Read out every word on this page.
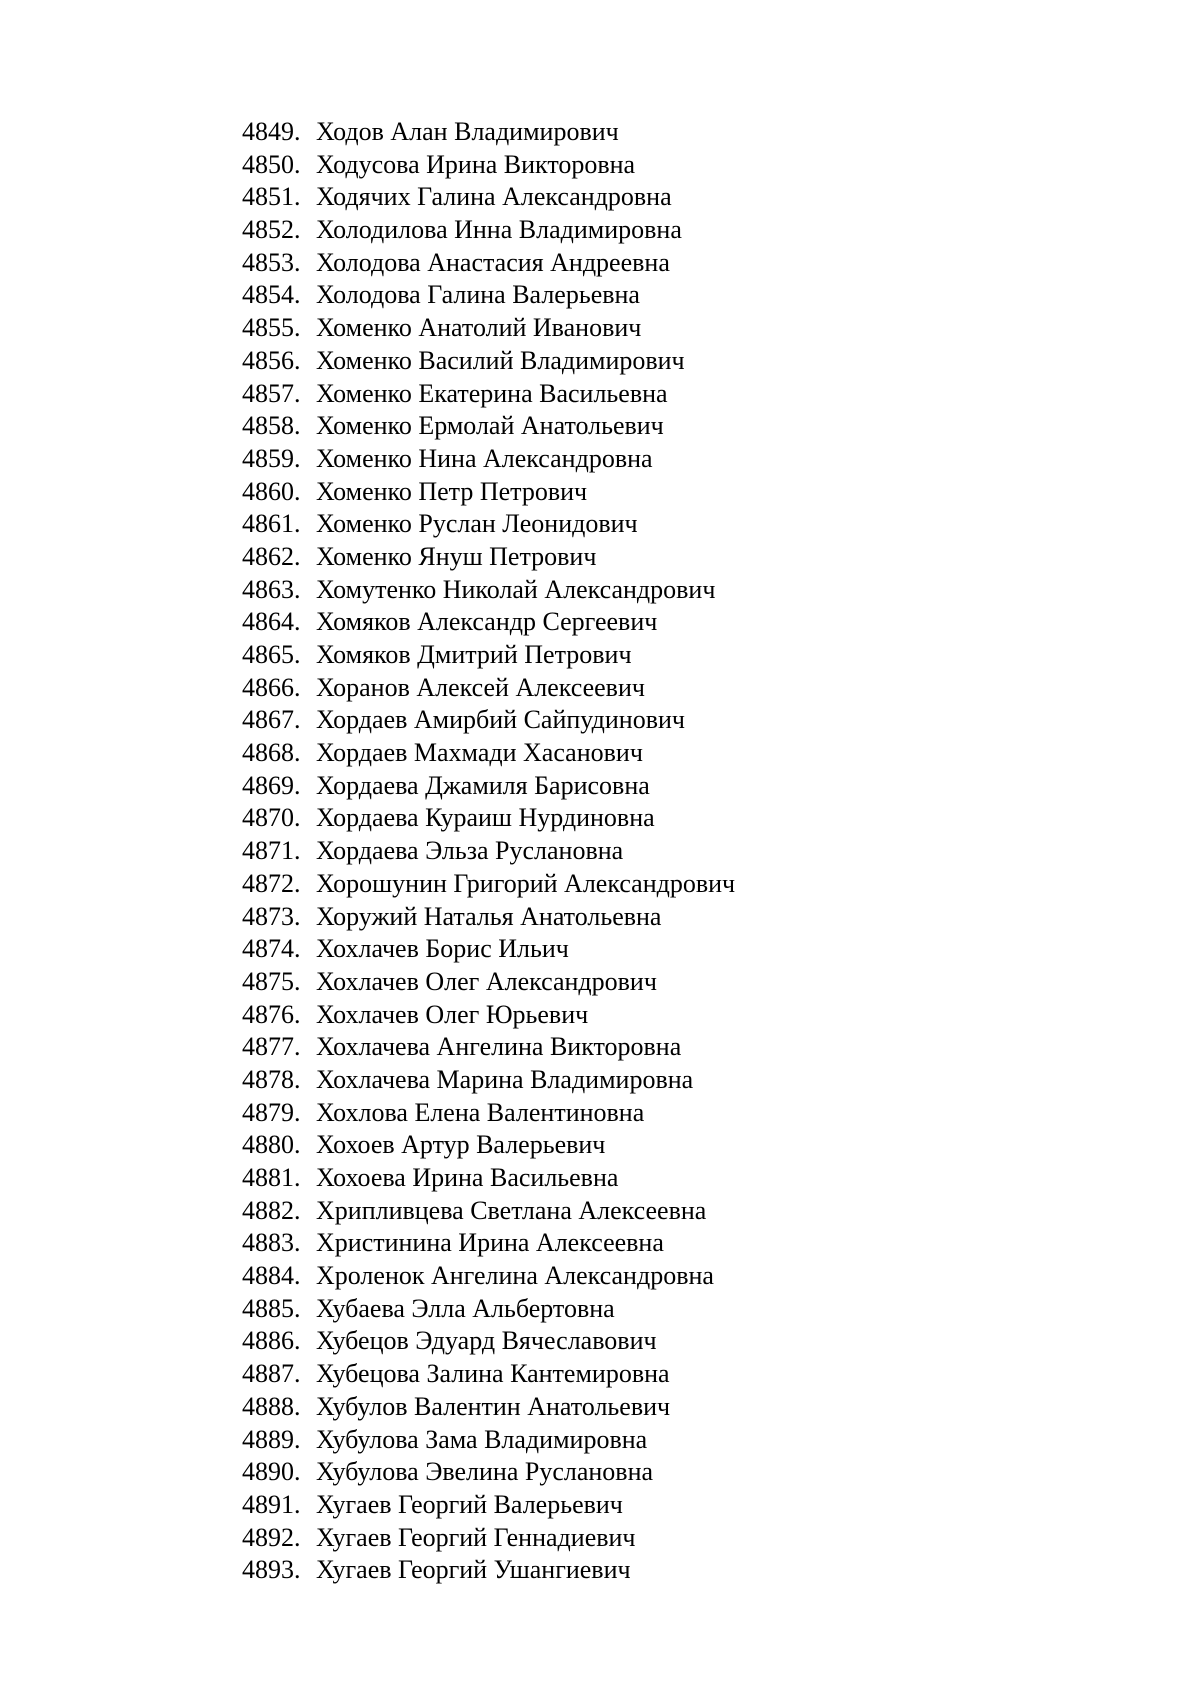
4849. Ходов Алан Владимирович
4850. Ходусова Ирина Викторовна
4851. Ходячих Галина Александровна
4852. Холодилова Инна Владимировна
4853. Холодова Анастасия Андреевна
4854. Холодова Галина Валерьевна
4855. Хоменко Анатолий Иванович
4856. Хоменко Василий Владимирович
4857. Хоменко Екатерина Васильевна
4858. Хоменко Ермолай Анатольевич
4859. Хоменко Нина Александровна
4860. Хоменко Петр Петрович
4861. Хоменко Руслан Леонидович
4862. Хоменко Януш Петрович
4863. Хомутенко Николай Александрович
4864. Хомяков Александр Сергеевич
4865. Хомяков Дмитрий Петрович
4866. Хоранов Алексей Алексеевич
4867. Хордаев Амирбий Сайпудинович
4868. Хордаев Махмади Хасанович
4869. Хордаева Джамиля Барисовна
4870. Хордаева Кураиш Нурдиновна
4871. Хордаева Эльза Руслановна
4872. Хорошунин Григорий Александрович
4873. Хоружий Наталья Анатольевна
4874. Хохлачев Борис Ильич
4875. Хохлачев Олег Александрович
4876. Хохлачев Олег Юрьевич
4877. Хохлачева Ангелина Викторовна
4878. Хохлачева Марина Владимировна
4879. Хохлова Елена Валентиновна
4880. Хохоев Артур Валерьевич
4881. Хохоева Ирина Васильевна
4882. Хрипливцева Светлана Алексеевна
4883. Христинина Ирина Алексеевна
4884. Хроленок Ангелина Александровна
4885. Хубаева Элла Альбертовна
4886. Хубецов Эдуард Вячеславович
4887. Хубецова Залина Кантемировна
4888. Хубулов Валентин Анатольевич
4889. Хубулова Зама Владимировна
4890. Хубулова Эвелина Руслановна
4891. Хугаев Георгий Валерьевич
4892. Хугаев Георгий Геннадиевич
4893. Хугаев Георгий Ушангиевич
